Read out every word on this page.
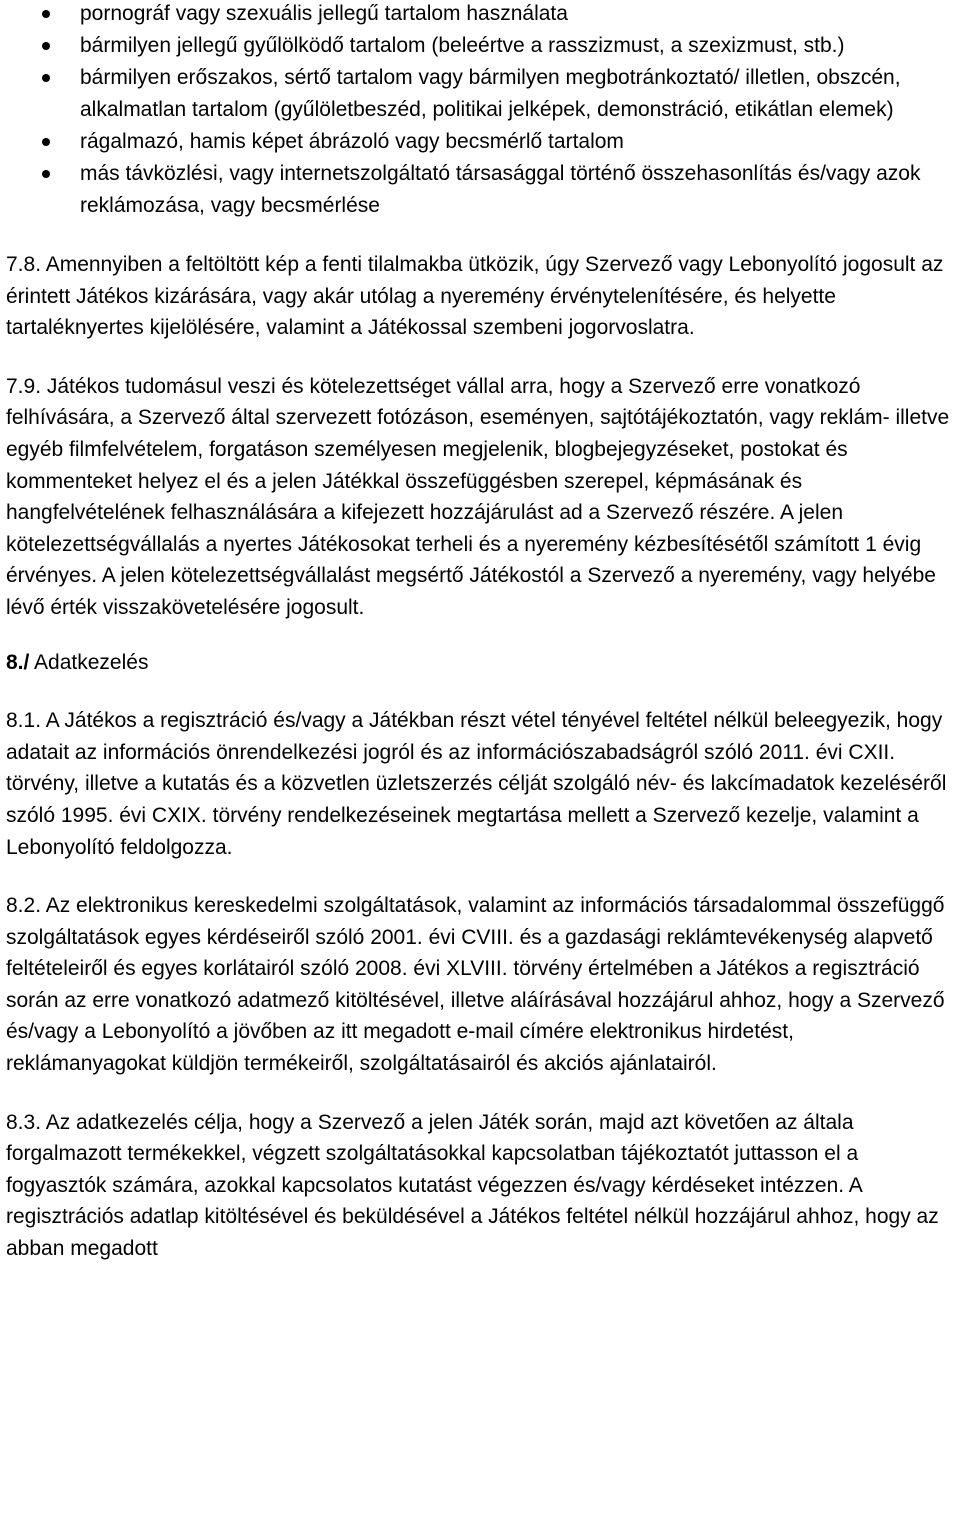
pornográf vagy szexuális jellegű tartalom használata
bármilyen jellegű gyűlölködő tartalom (beleértve a rasszizmust, a szexizmust, stb.)
bármilyen erőszakos, sértő tartalom vagy bármilyen megbotránkoztató/ illetlen, obszcén, alkalmatlan tartalom (gyűlöletbeszéd, politikai jelképek, demonstráció, etikátlan elemek)
rágalmazó, hamis képet ábrázoló vagy becsmérlő tartalom
más távközlési, vagy internetszolgáltató társasággal történő összehasonlítás és/vagy azok reklámozása, vagy becsmérlése

7.8. Amennyiben a feltöltött kép a fenti tilalmakba ütközik, úgy Szervező vagy Lebonyolító jogosult az érintett Játékos kizárására, vagy akár utólag a nyeremény érvénytelenítésére, és helyette tartaléknyertes kijelölésére, valamint a Játékossal szembeni jogorvoslatra.

7.9. Játékos tudomásul veszi és kötelezettséget vállal arra, hogy a Szervező erre vonatkozó felhívására, a Szervező által szervezett fotózáson, eseményen, sajtótájékoztatón, vagy reklám- illetve egyéb filmfelvételem, forgatáson személyesen megjelenik, blogbejegyzéseket, postokat és kommenteket helyez el és a jelen Játékkal összefüggésben szerepel, képmásának és hangfelvételének felhasználására a kifejezett hozzájárulást ad a Szervező részére. A jelen kötelezettségvállalás a nyertes Játékosokat terheli és a nyeremény kézbesítésétől számított 1 évig érvényes. A jelen kötelezettségvállalást megsértő Játékostól a Szervező a nyeremény, vagy helyébe lévő érték visszakövetelésére jogosult.

8./ Adatkezelés

8.1. A Játékos a regisztráció és/vagy a Játékban részt vétel tényével feltétel nélkül beleegyezik, hogy adatait az információs önrendelkezési jogról és az információszabadságról szóló 2011. évi CXII. törvény, illetve a kutatás és a közvetlen üzletszerzés célját szolgáló név- és lakcímadatok kezeléséről szóló 1995. évi CXIX. törvény rendelkezéseinek megtartása mellett a Szervező kezelje, valamint a Lebonyolító feldolgozza.

8.2. Az elektronikus kereskedelmi szolgáltatások, valamint az információs társadalommal összefüggő szolgáltatások egyes kérdéseiről szóló 2001. évi CVIII. és a gazdasági reklámtevékenység alapvető feltételeiről és egyes korlátairól szóló 2008. évi XLVIII. törvény értelmében a Játékos a regisztráció során az erre vonatkozó adatmező kitöltésével, illetve aláírásával hozzájárul ahhoz, hogy a Szervező és/vagy a Lebonyolító a jövőben az itt megadott e-mail címére elektronikus hirdetést, reklámanyagokat küldjön termékeiről, szolgáltatásairól és akciós ajánlatairól.

8.3. Az adatkezelés célja, hogy a Szervező a jelen Játék során, majd azt követően az általa forgalmazott termékekkel, végzett szolgáltatásokkal kapcsolatban tájékoztatót juttasson el a fogyasztók számára, azokkal kapcsolatos kutatást végezzen és/vagy kérdéseket intézzen. A regisztrációs adatlap kitöltésével és beküldésével a Játékos feltétel nélkül hozzájárul ahhoz, hogy az abban megadott
